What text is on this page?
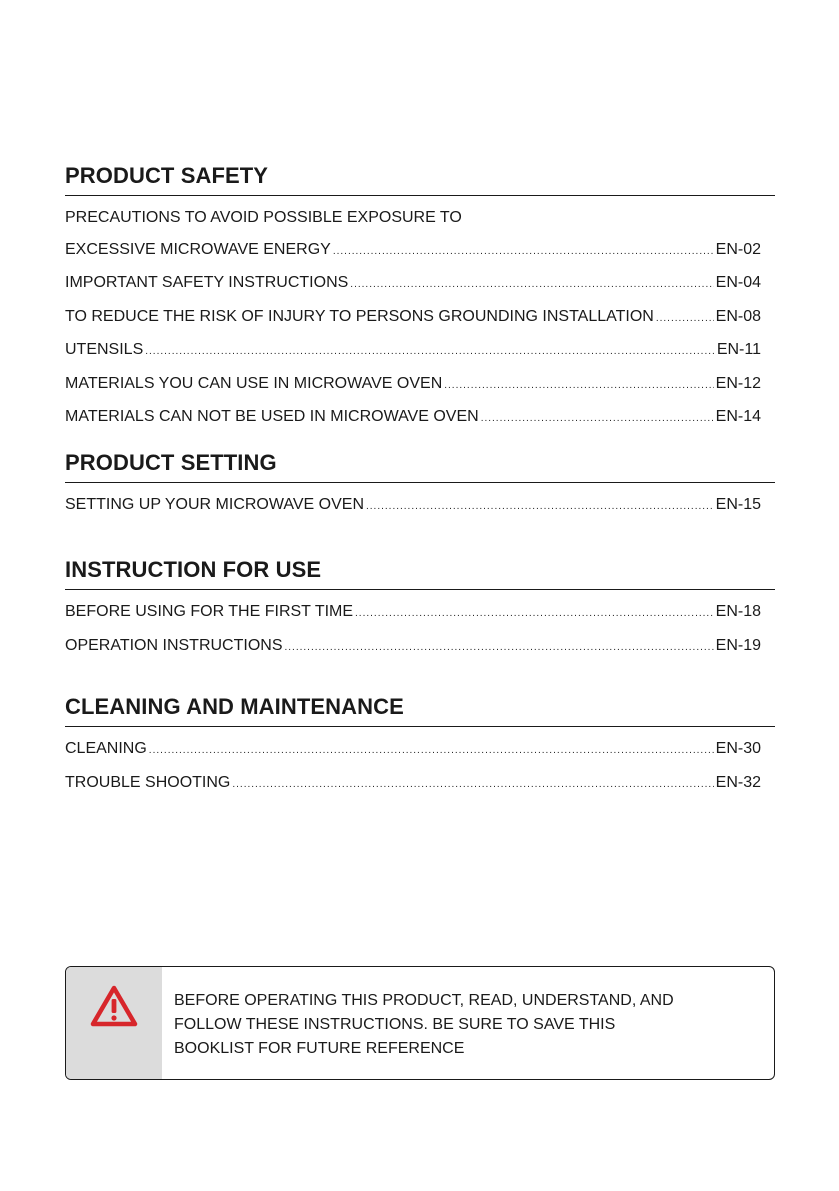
PRODUCT SAFETY
PRECAUTIONS TO AVOID POSSIBLE EXPOSURE TO
EXCESSIVE MICROWAVE ENERGY .....	EN-02
IMPORTANT SAFETY INSTRUCTIONS .....	EN-04
TO REDUCE THE RISK OF INJURY TO PERSONS GROUNDING INSTALLATION .....	EN-08
UTENSILS .....	EN-11
MATERIALS YOU CAN USE IN MICROWAVE OVEN .....	EN-12
MATERIALS CAN NOT BE USED IN MICROWAVE OVEN .....	EN-14
PRODUCT SETTING
SETTING UP YOUR MICROWAVE OVEN .....	EN-15
INSTRUCTION FOR USE
BEFORE USING FOR THE FIRST TIME .....	EN-18
OPERATION INSTRUCTIONS .....	EN-19
CLEANING AND MAINTENANCE
CLEANING .....	EN-30
TROUBLE SHOOTING .....	EN-32
BEFORE OPERATING THIS PRODUCT, READ, UNDERSTAND, AND
FOLLOW THESE INSTRUCTIONS. BE SURE TO SAVE THIS
BOOKLIST FOR FUTURE REFERENCE
